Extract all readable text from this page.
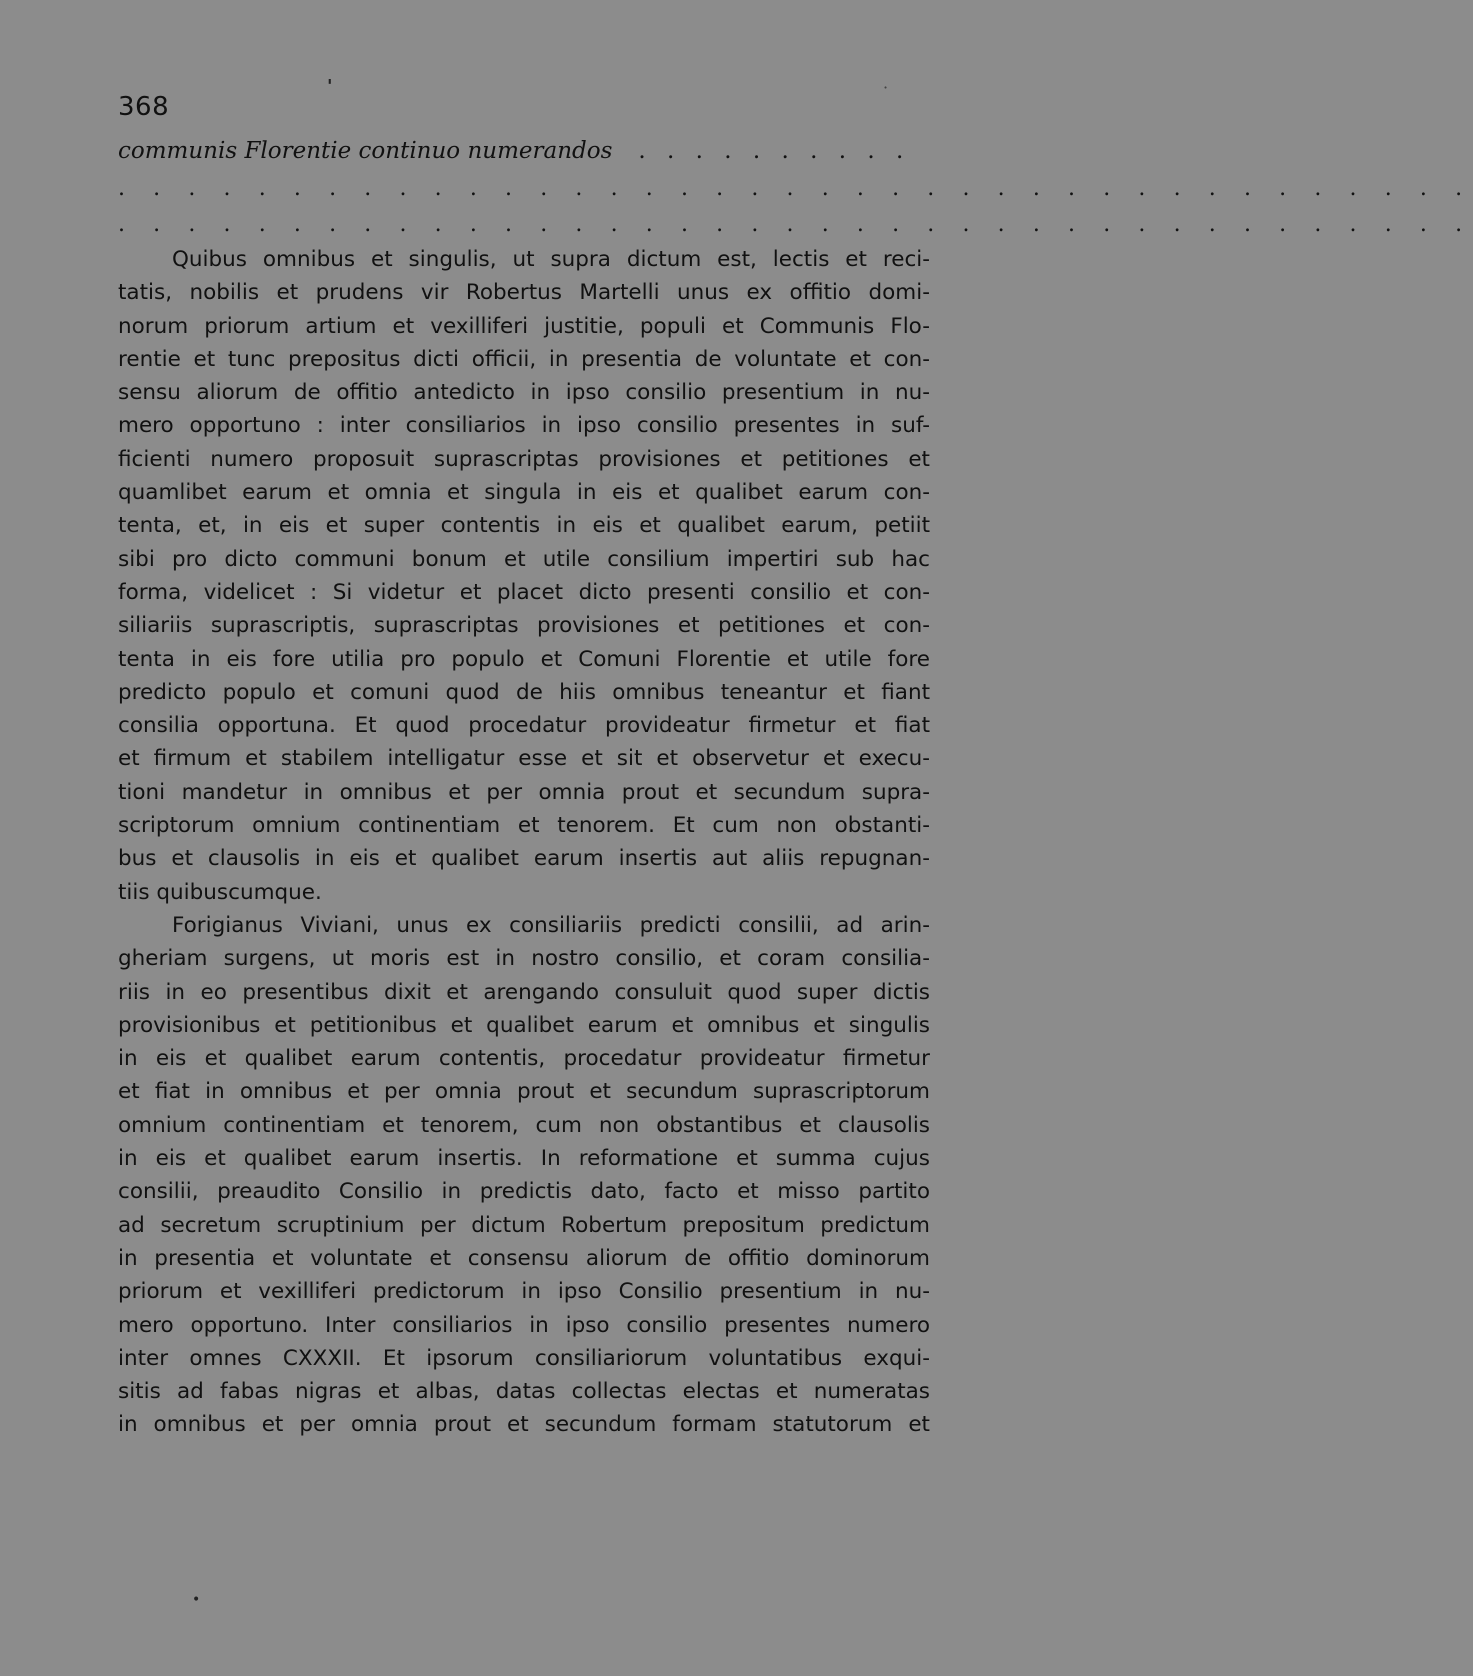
'	·
•
368
communis Florentie continuo numerandos . . . . . . . . . .
. . . . . . . . . . . . . . . . . . . . . . . . . . . . . . . . . . . . . . .
. . . . . . . . . . . . . . . . . . . . . . . . . . . . . . . . . . . . . . .
Quibus omnibus et singulis, ut supra dictum est, lectis et reci-
tatis, nobilis et prudens vir Robertus Martelli unus ex offitio domi-
norum priorum artium et vexilliferi justitie, populi et Communis Flo-
rentie et tunc prepositus dicti officii, in presentia de voluntate et con-
sensu aliorum de offitio antedicto in ipso consilio presentium in nu-
mero opportuno : inter consiliarios in ipso consilio presentes in suf-
ficienti numero proposuit suprascriptas provisiones et petitiones et
quamlibet earum et omnia et singula in eis et qualibet earum con-
tenta, et, in eis et super contentis in eis et qualibet earum, petiit
sibi pro dicto communi bonum et utile consilium impertiri sub hac
forma, videlicet : Si videtur et placet dicto presenti consilio et con-
siliariis suprascriptis, suprascriptas provisiones et petitiones et con-
tenta in eis fore utilia pro populo et Comuni Florentie et utile fore
predicto populo et comuni quod de hiis omnibus teneantur et fiant
consilia opportuna. Et quod procedatur provideatur firmetur et fiat
et firmum et stabilem intelligatur esse et sit et observetur et execu-
tioni mandetur in omnibus et per omnia prout et secundum supra-
scriptorum omnium continentiam et tenorem. Et cum non obstanti-
bus et clausolis in eis et qualibet earum insertis aut aliis repugnan-
tiis quibuscumque.
Forigianus Viviani, unus ex consiliariis predicti consilii, ad arin-
gheriam surgens, ut moris est in nostro consilio, et coram consilia-
riis in eo presentibus dixit et arengando consuluit quod super dictis
provisionibus et petitionibus et qualibet earum et omnibus et singulis
in eis et qualibet earum contentis, procedatur provideatur firmetur
et fiat in omnibus et per omnia prout et secundum suprascriptorum
omnium continentiam et tenorem, cum non obstantibus et clausolis
in eis et qualibet earum insertis. In reformatione et summa cujus
consilii, preaudito Consilio in predictis dato, facto et misso partito
ad secretum scruptinium per dictum Robertum prepositum predictum
in presentia et voluntate et consensu aliorum de offitio dominorum
priorum et vexilliferi predictorum in ipso Consilio presentium in nu-
mero opportuno. Inter consiliarios in ipso consilio presentes numero
inter omnes CXXXII. Et ipsorum consiliariorum voluntatibus exqui-
sitis ad fabas nigras et albas, datas collectas electas et numeratas
in omnibus et per omnia prout et secundum formam statutorum et
